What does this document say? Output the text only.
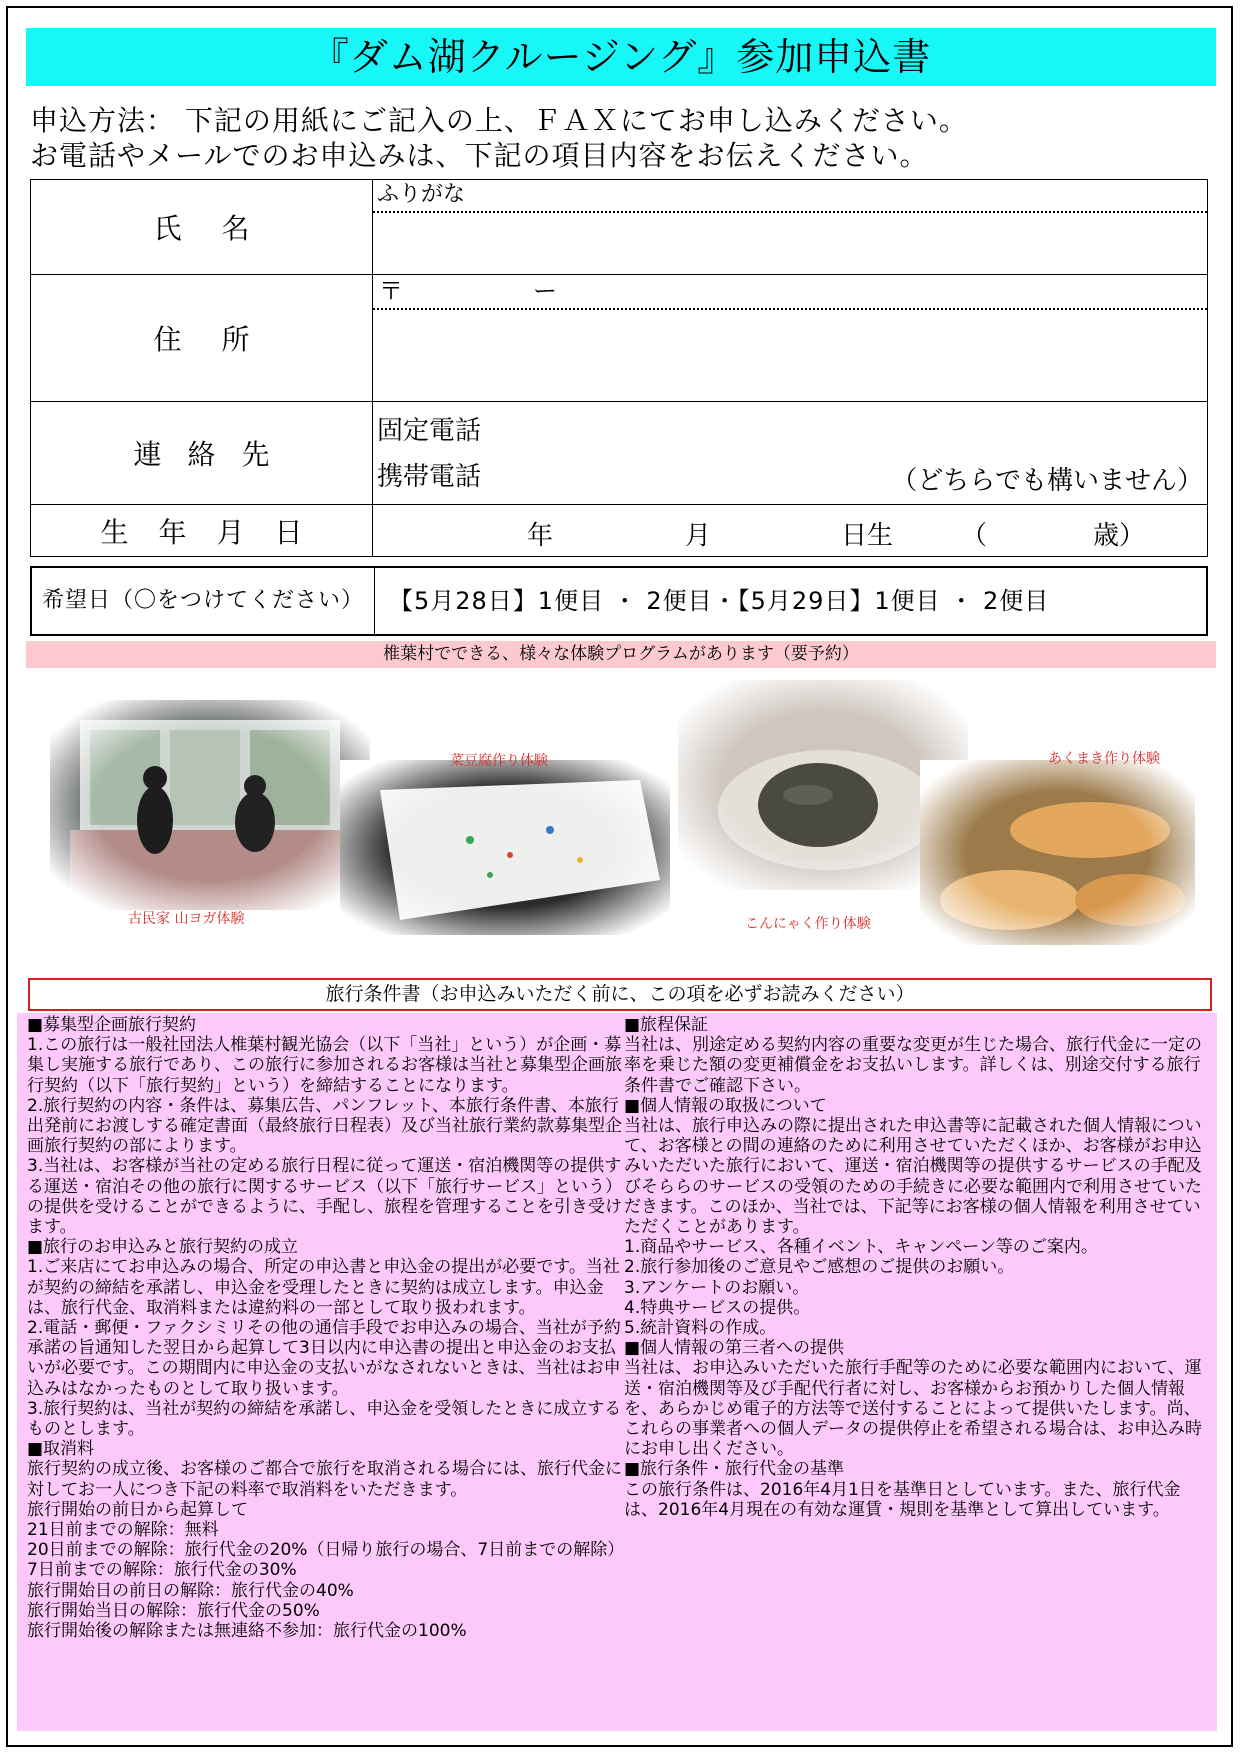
『ダム湖クルージング』参加申込書
申込方法： 下記の用紙にご記入の上、ＦＡＸにてお申し込みください。
お電話やメールでのお申込みは、下記の項目内容をお伝えください。
氏名	ふりがな

住所	〒 ー

連絡先	固定電話
携帯電話 （どちらでも構いません）

生年月日	年 月 日生 （ 歳）
希望日（〇をつけてください）	【5月28日】1便目 ・ 2便目・【5月29日】1便目 ・ 2便目
椎葉村でできる、様々な体験プログラムがあります（要予約）
古民家 山ヨガ体験
菜豆腐作り体験
こんにゃく作り体験
あくまき作り体験
旅行条件書（お申込みいただく前に、この項を必ずお読みください）

■募集型企画旅行契約

1.この旅行は一般社団法人椎葉村観光協会（以下「当社」という）が企画・募集し実施する旅行であり、この旅行に参加されるお客様は当社と募集型企画旅行契約（以下「旅行契約」という）を締結することになります。

2.旅行契約の内容・条件は、募集広告、パンフレット、本旅行条件書、本旅行出発前にお渡しする確定書面（最終旅行日程表）及び当社旅行業約款募集型企画旅行契約の部によります。

3.当社は、お客様が当社の定める旅行日程に従って運送・宿泊機関等の提供する運送・宿泊その他の旅行に関するサービス（以下「旅行サービス」という）の提供を受けることができるように、手配し、旅程を管理することを引き受けます。

■旅行のお申込みと旅行契約の成立

1.ご来店にてお申込みの場合、所定の申込書と申込金の提出が必要です。当社が契約の締結を承諾し、申込金を受理したときに契約は成立します。申込金は、旅行代金、取消料または違約料の一部として取り扱われます。

2.電話・郵便・ファクシミリその他の通信手段でお申込みの場合、当社が予約承諾の旨通知した翌日から起算して3日以内に申込書の提出と申込金のお支払いが必要です。この期間内に申込金の支払いがなされないときは、当社はお申込みはなかったものとして取り扱います。

3.旅行契約は、当社が契約の締結を承諾し、申込金を受領したときに成立するものとします。

■取消料

旅行契約の成立後、お客様のご都合で旅行を取消される場合には、旅行代金に対してお一人につき下記の料率で取消料をいただきます。

旅行開始の前日から起算して

21日前までの解除：無料

20日前までの解除：旅行代金の20%（日帰り旅行の場合、7日前までの解除）

7日前までの解除：旅行代金の30%

旅行開始日の前日の解除：旅行代金の40%

旅行開始当日の解除：旅行代金の50%

旅行開始後の解除または無連絡不参加：旅行代金の100%

■旅程保証

当社は、別途定める契約内容の重要な変更が生じた場合、旅行代金に一定の率を乗じた額の変更補償金をお支払いします。詳しくは、別途交付する旅行条件書でご確認下さい。

■個人情報の取扱について

当社は、旅行申込みの際に提出された申込書等に記載された個人情報について、お客様との間の連絡のために利用させていただくほか、お客様がお申込みいただいた旅行において、運送・宿泊機関等の提供するサービスの手配及びそららのサービスの受領のための手続きに必要な範囲内で利用させていただきます。このほか、当社では、下記等にお客様の個人情報を利用させていただくことがあります。

1.商品やサービス、各種イベント、キャンペーン等のご案内。

2.旅行参加後のご意見やご感想のご提供のお願い。

3.アンケートのお願い。

4.特典サービスの提供。

5.統計資料の作成。

■個人情報の第三者への提供

当社は、お申込みいただいた旅行手配等のために必要な範囲内において、運送・宿泊機関等及び手配代行者に対し、お客様からお預かりした個人情報を、あらかじめ電子的方法等で送付することによって提供いたします。尚、これらの事業者への個人データの提供停止を希望される場合は、お申込み時にお申し出ください。

■旅行条件・旅行代金の基準

この旅行条件は、2016年4月1日を基準日としています。また、旅行代金は、2016年4月現在の有効な運賃・規則を基準として算出しています。
